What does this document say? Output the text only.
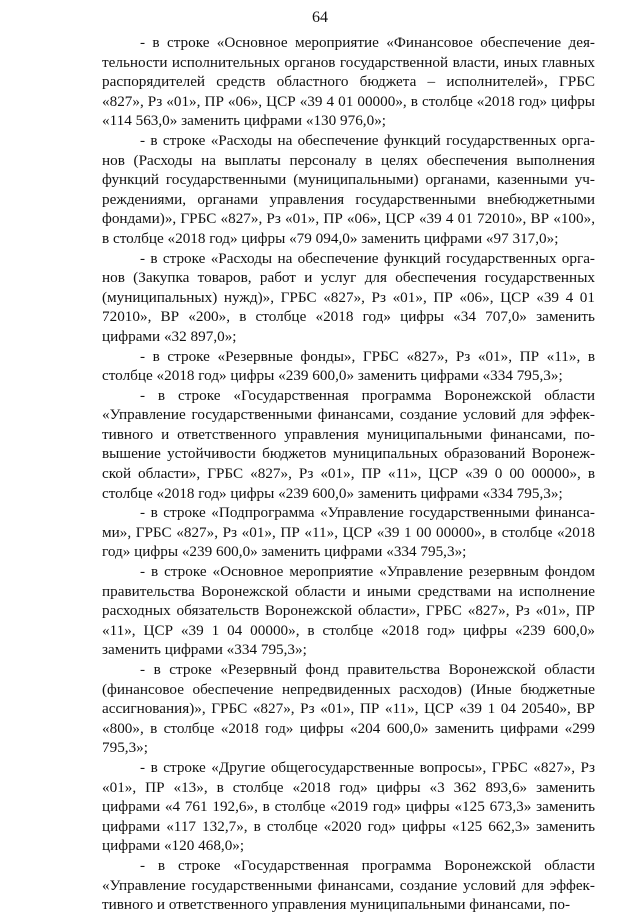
64

- в строке «Основное мероприятие «Финансовое обеспечение дея-тельности исполнительных органов государственной власти, иных главных распорядителей средств областного бюджета – исполнителей», ГРБС «827», Рз «01», ПР «06», ЦСР «39 4 01 00000», в столбце «2018 год» цифры «114 563,0» заменить цифрами «130 976,0»;

- в строке «Расходы на обеспечение функций государственных орга-нов (Расходы на выплаты персоналу в целях обеспечения выполнения функций государственными (муниципальными) органами, казенными уч-реждениями, органами управления государственными внебюджетными фондами)», ГРБС «827», Рз «01», ПР «06», ЦСР «39 4 01 72010», ВР «100», в столбце «2018 год» цифры «79 094,0» заменить цифрами «97 317,0»;

- в строке «Расходы на обеспечение функций государственных орга-нов (Закупка товаров, работ и услуг для обеспечения государственных (муниципальных) нужд)», ГРБС «827», Рз «01», ПР «06», ЦСР «39 4 01 72010», ВР «200», в столбце «2018 год» цифры «34 707,0» заменить цифрами «32 897,0»;

- в строке «Резервные фонды», ГРБС «827», Рз «01», ПР «11», в столбце «2018 год» цифры «239 600,0» заменить цифрами «334 795,3»;

- в строке «Государственная программа Воронежской области «Управление государственными финансами, создание условий для эффек-тивного и ответственного управления муниципальными финансами, по-вышение устойчивости бюджетов муниципальных образований Воронеж-ской области», ГРБС «827», Рз «01», ПР «11», ЦСР «39 0 00 00000», в столбце «2018 год» цифры «239 600,0» заменить цифрами «334 795,3»;

- в строке «Подпрограмма «Управление государственными финанса-ми», ГРБС «827», Рз «01», ПР «11», ЦСР «39 1 00 00000», в столбце «2018 год» цифры «239 600,0» заменить цифрами «334 795,3»;

- в строке «Основное мероприятие «Управление резервным фондом правительства Воронежской области и иными средствами на исполнение расходных обязательств Воронежской области», ГРБС «827», Рз «01», ПР «11», ЦСР «39 1 04 00000», в столбце «2018 год» цифры «239 600,0» заменить цифрами «334 795,3»;

- в строке «Резервный фонд правительства Воронежской области (финансовое обеспечение непредвиденных расходов) (Иные бюджетные ассигнования)», ГРБС «827», Рз «01», ПР «11», ЦСР «39 1 04 20540», ВР «800», в столбце «2018 год» цифры «204 600,0» заменить цифрами «299 795,3»;

- в строке «Другие общегосударственные вопросы», ГРБС «827», Рз «01», ПР «13», в столбце «2018 год» цифры «3 362 893,6» заменить цифрами «4 761 192,6», в столбце «2019 год» цифры «125 673,3» заменить цифрами «117 132,7», в столбце «2020 год» цифры «125 662,3» заменить цифрами «120 468,0»;

- в строке «Государственная программа Воронежской области «Управление государственными финансами, создание условий для эффек-тивного и ответственного управления муниципальными финансами, по-
